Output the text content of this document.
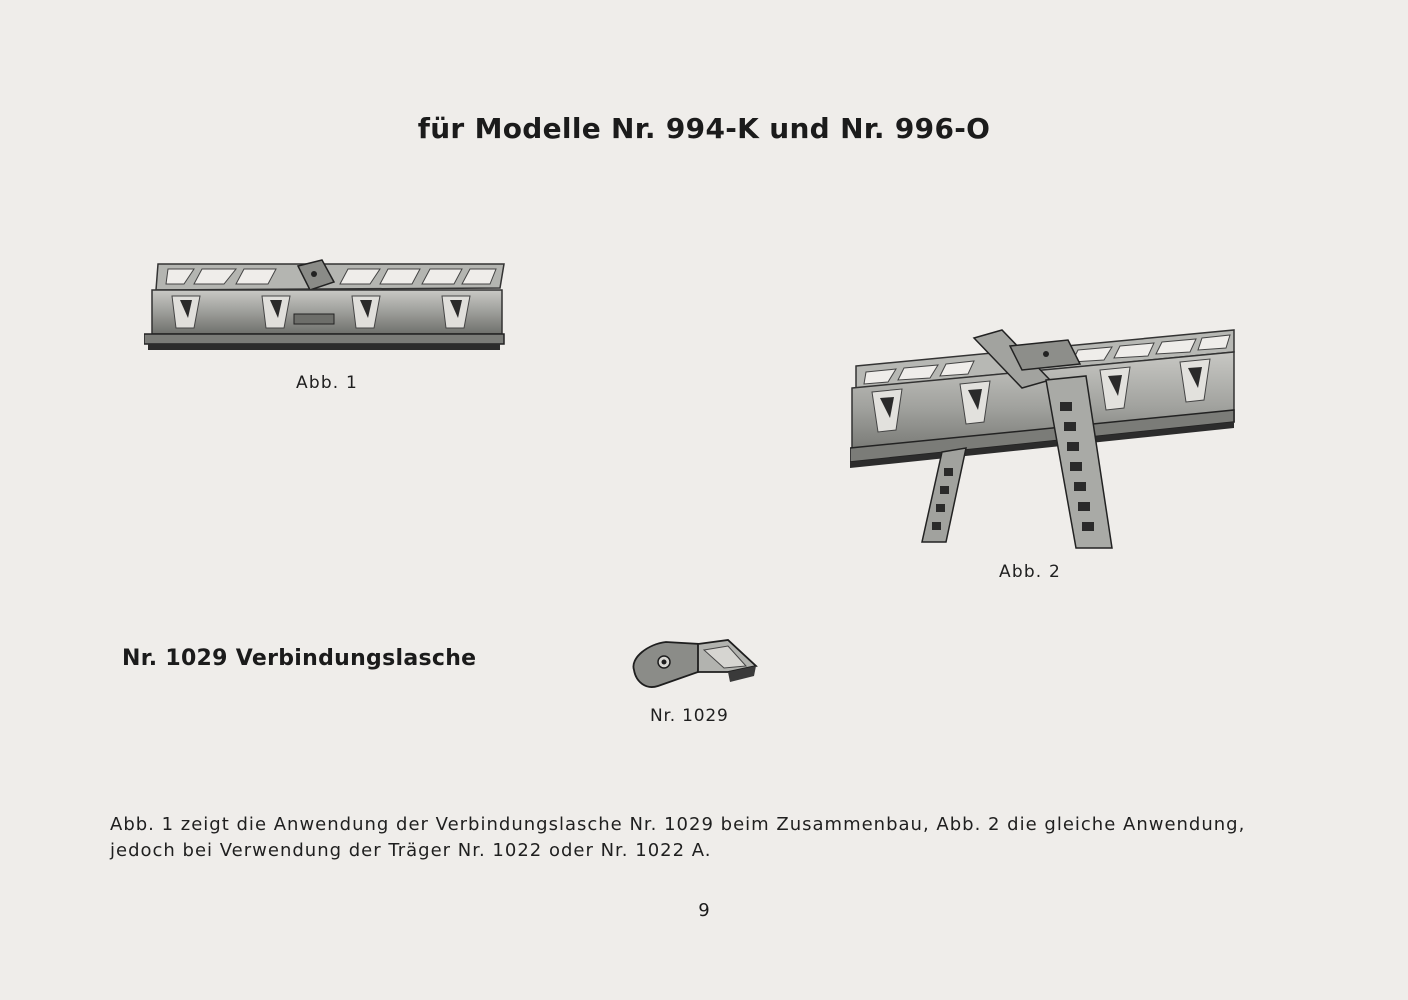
für Modelle Nr. 994-K und Nr. 996-O
Abb. 1
Abb. 2
Nr. 1029 Verbindungslasche
Nr. 1029

Abb. 1 zeigt die Anwendung der Verbindungslasche Nr. 1029 beim Zusammenbau, Abb. 2 die gleiche Anwendung,

jedoch bei Verwendung der Träger Nr. 1022 oder Nr. 1022 A.

9
